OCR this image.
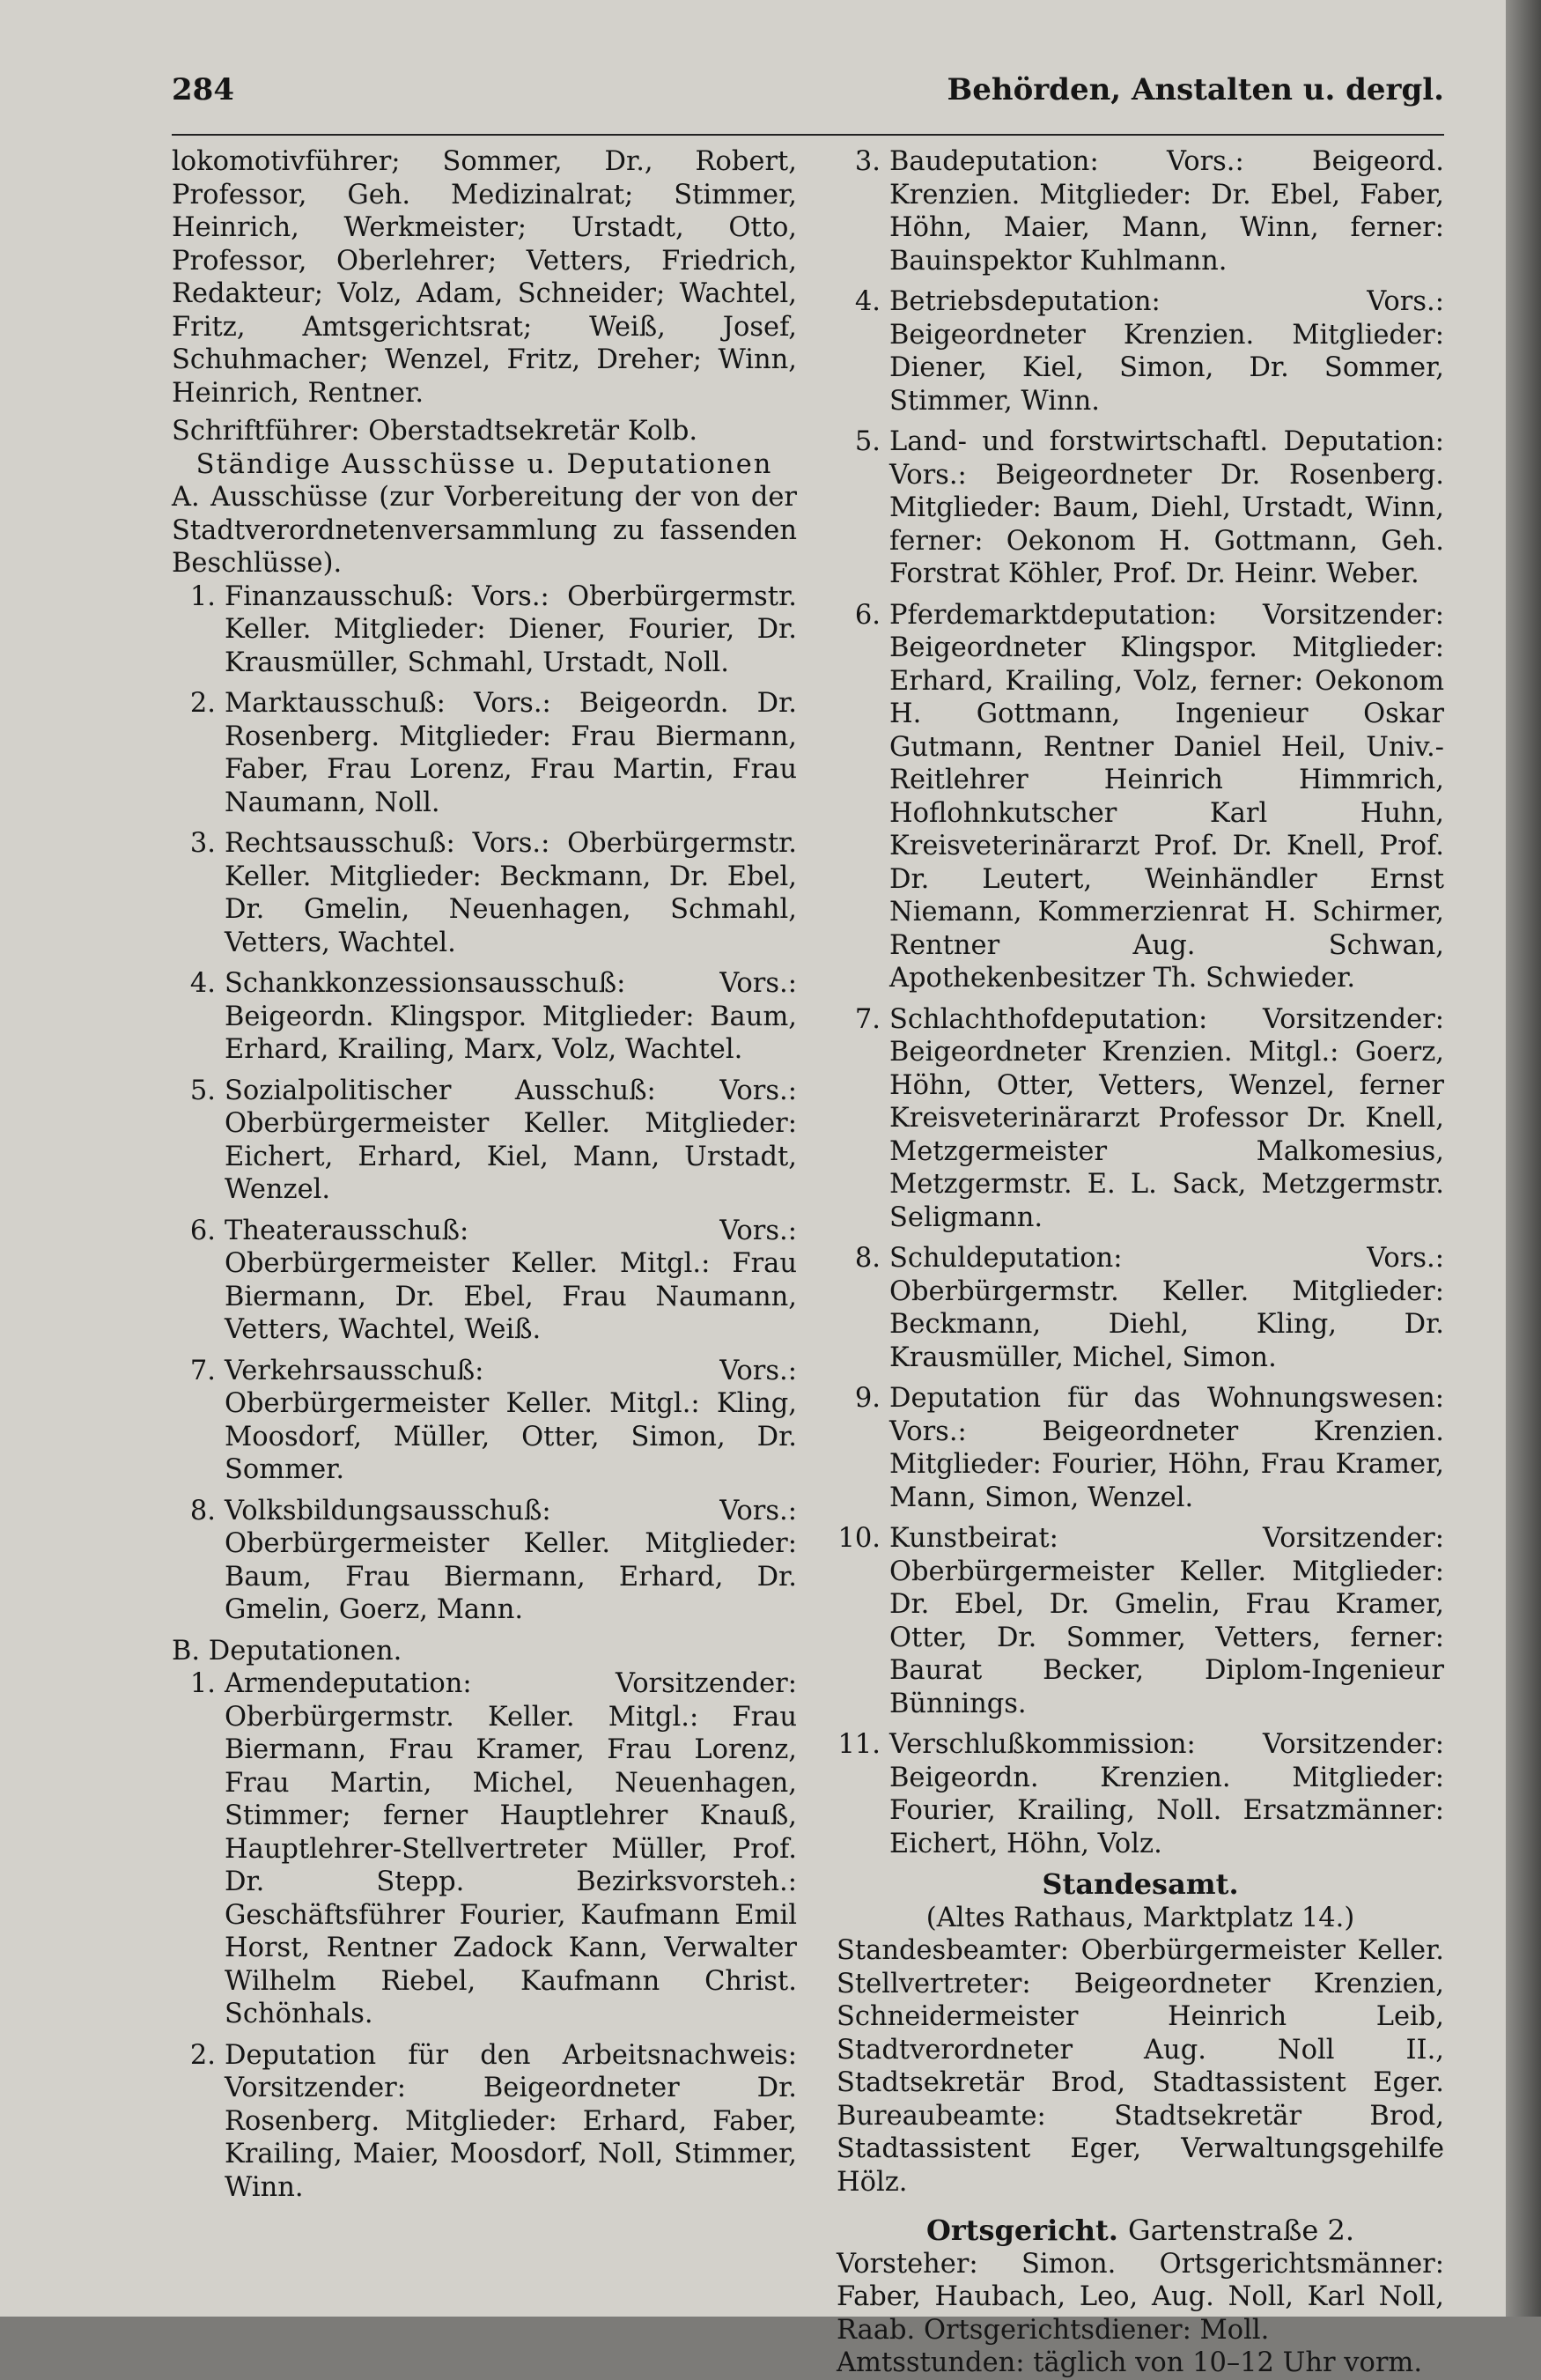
284	Behörden, Anstalten u. dergl.

lokomotivführer; Sommer, Dr., Robert, Professor, Geh. Medizinalrat; Stimmer, Heinrich, Werkmeister; Urstadt, Otto, Professor, Oberlehrer; Vetters, Friedrich, Redakteur; Volz, Adam, Schneider; Wachtel, Fritz, Amtsgerichtsrat; Weiß, Josef, Schuhmacher; Wenzel, Fritz, Dreher; Winn, Heinrich, Rentner.

Schriftführer: Oberstadtsekretär Kolb.

Ständige Ausschüsse u. Deputationen

A. Ausschüsse (zur Vorbereitung der von der Stadtverordnetenversammlung zu fassenden Beschlüsse).

1. Finanzausschuß: Vors.: Oberbürgermstr. Keller. Mitglieder: Diener, Fourier, Dr. Krausmüller, Schmahl, Urstadt, Noll.
2. Marktausschuß: Vors.: Beigeordn. Dr. Rosenberg. Mitglieder: Frau Biermann, Faber, Frau Lorenz, Frau Martin, Frau Naumann, Noll.
3. Rechtsausschuß: Vors.: Oberbürgermstr. Keller. Mitglieder: Beckmann, Dr. Ebel, Dr. Gmelin, Neuenhagen, Schmahl, Vetters, Wachtel.
4. Schankkonzessionsausschuß: Vors.: Beigeordn. Klingspor. Mitglieder: Baum, Erhard, Krailing, Marx, Volz, Wachtel.
5. Sozialpolitischer Ausschuß: Vors.: Oberbürgermeister Keller. Mitglieder: Eichert, Erhard, Kiel, Mann, Urstadt, Wenzel.
6. Theaterausschuß: Vors.: Oberbürgermeister Keller. Mitgl.: Frau Biermann, Dr. Ebel, Frau Naumann, Vetters, Wachtel, Weiß.
7. Verkehrsausschuß: Vors.: Oberbürgermeister Keller. Mitgl.: Kling, Moosdorf, Müller, Otter, Simon, Dr. Sommer.
8. Volksbildungsausschuß: Vors.: Oberbürgermeister Keller. Mitglieder: Baum, Frau Biermann, Erhard, Dr. Gmelin, Goerz, Mann.

B. Deputationen.

1. Armendeputation: Vorsitzender: Oberbürgermstr. Keller. Mitgl.: Frau Biermann, Frau Kramer, Frau Lorenz, Frau Martin, Michel, Neuenhagen, Stimmer; ferner Hauptlehrer Knauß, Hauptlehrer-Stellvertreter Müller, Prof. Dr. Stepp. Bezirksvorsteh.: Geschäftsführer Fourier, Kaufmann Emil Horst, Rentner Zadock Kann, Verwalter Wilhelm Riebel, Kaufmann Christ. Schönhals.
2. Deputation für den Arbeitsnachweis: Vorsitzender: Beigeordneter Dr. Rosenberg. Mitglieder: Erhard, Faber, Krailing, Maier, Moosdorf, Noll, Stimmer, Winn.
3. Baudeputation: Vors.: Beigeord. Krenzien. Mitglieder: Dr. Ebel, Faber, Höhn, Maier, Mann, Winn, ferner: Bauinspektor Kuhlmann.
4. Betriebsdeputation: Vors.: Beigeordneter Krenzien. Mitglieder: Diener, Kiel, Simon, Dr. Sommer, Stimmer, Winn.
5. Land- und forstwirtschaftl. Deputation: Vors.: Beigeordneter Dr. Rosenberg. Mitglieder: Baum, Diehl, Urstadt, Winn, ferner: Oekonom H. Gottmann, Geh. Forstrat Köhler, Prof. Dr. Heinr. Weber.
6. Pferdemarktdeputation: Vorsitzender: Beigeordneter Klingspor. Mitglieder: Erhard, Krailing, Volz, ferner: Oekonom H. Gottmann, Ingenieur Oskar Gutmann, Rentner Daniel Heil, Univ.-Reitlehrer Heinrich Himmrich, Hoflohnkutscher Karl Huhn, Kreisveterinärarzt Prof. Dr. Knell, Prof. Dr. Leutert, Weinhändler Ernst Niemann, Kommerzienrat H. Schirmer, Rentner Aug. Schwan, Apothekenbesitzer Th. Schwieder.
7. Schlachthofdeputation: Vorsitzender: Beigeordneter Krenzien. Mitgl.: Goerz, Höhn, Otter, Vetters, Wenzel, ferner Kreisveterinärarzt Professor Dr. Knell, Metzgermeister Malkomesius, Metzgermstr. E. L. Sack, Metzgermstr. Seligmann.
8. Schuldeputation: Vors.: Oberbürgermstr. Keller. Mitglieder: Beckmann, Diehl, Kling, Dr. Krausmüller, Michel, Simon.
9. Deputation für das Wohnungswesen: Vors.: Beigeordneter Krenzien. Mitglieder: Fourier, Höhn, Frau Kramer, Mann, Simon, Wenzel.
10. Kunstbeirat: Vorsitzender: Oberbürgermeister Keller. Mitglieder: Dr. Ebel, Dr. Gmelin, Frau Kramer, Otter, Dr. Sommer, Vetters, ferner: Baurat Becker, Diplom-Ingenieur Bünnings.
11. Verschlußkommission: Vorsitzender: Beigeordn. Krenzien. Mitglieder: Fourier, Krailing, Noll. Ersatzmänner: Eichert, Höhn, Volz.

Standesamt.

(Altes Rathaus, Marktplatz 14.)

Standesbeamter: Oberbürgermeister Keller. Stellvertreter: Beigeordneter Krenzien, Schneidermeister Heinrich Leib, Stadtverordneter Aug. Noll II., Stadtsekretär Brod, Stadtassistent Eger. Bureaubeamte: Stadtsekretär Brod, Stadtassistent Eger, Verwaltungsgehilfe Hölz.

Ortsgericht. Gartenstraße 2.

Vorsteher: Simon. Ortsgerichtsmänner: Faber, Haubach, Leo, Aug. Noll, Karl Noll, Raab. Ortsgerichtsdiener: Moll.

Amtsstunden: täglich von 10–12 Uhr vorm.
